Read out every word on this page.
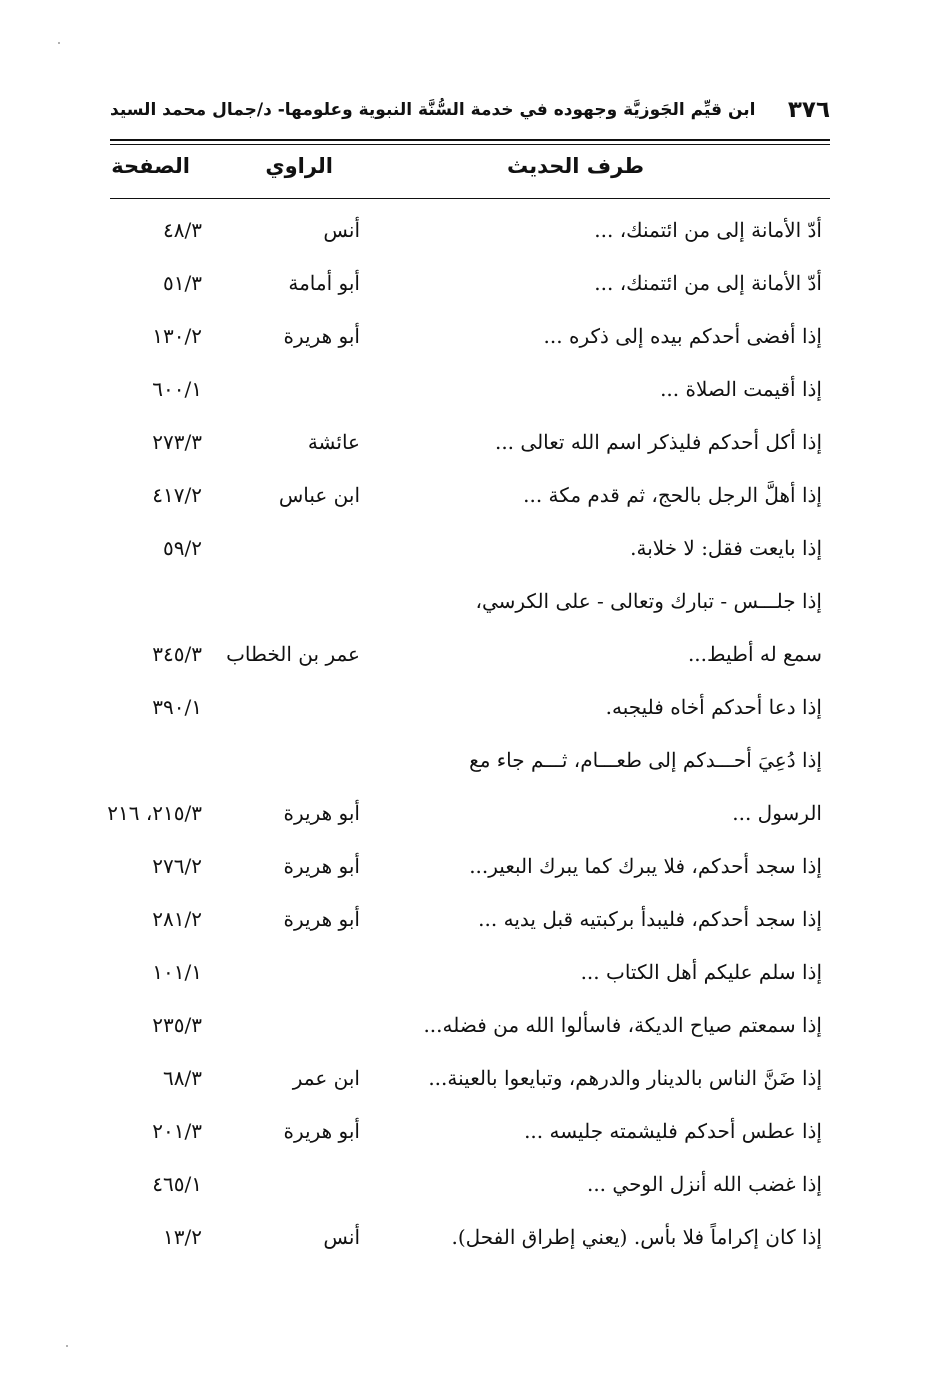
٣٧٦
ابن قيِّم الجَوزيَّة وجهوده في خدمة السُّنَّة النبوية وعلومها- د/جمال محمد السيد
طرف الحديث
الراوي
الصفحة
أدّ الأمانة إلى من ائتمنك، ...
أنس
٤٨/٣
أدّ الأمانة إلى من ائتمنك، ...
أبو أمامة
٥١/٣
إذا أفضى أحدكم بيده إلى ذكره ...
أبو هريرة
١٣٠/٢
إذا أقيمت الصلاة ...
٦٠٠/١
إذا أكل أحدكم فليذكر اسم الله تعالى ...
عائشة
٢٧٣/٣
إذا أهلَّ الرجل بالحج، ثم قدم مكة ...
ابن عباس
٤١٧/٢
إذا بايعت فقل: لا خلابة.
٥٩/٢
إذا جلـــس - تبارك وتعالى - على الكرسي،
سمع له أطيط...
عمر بن الخطاب
٣٤٥/٣
إذا دعا أحدكم أخاه فليجبه.
٣٩٠/١
إذا دُعِيَ أحـــدكم إلى طعـــام، ثـــم جاء مع
الرسول ...
أبو هريرة
٢١٥/٣، ٢١٦
إذا سجد أحدكم، فلا يبرك كما يبرك البعير...
أبو هريرة
٢٧٦/٢
إذا سجد أحدكم، فليبدأ بركبتيه قبل يديه ...
أبو هريرة
٢٨١/٢
إذا سلم عليكم أهل الكتاب ...
١٠١/١
إذا سمعتم صياح الديكة، فاسألوا الله من فضله...
٢٣٥/٣
إذا ضَنَّ الناس بالدينار والدرهم، وتبايعوا بالعينة...
ابن عمر
٦٨/٣
إذا عطس أحدكم فليشمته جليسه ...
أبو هريرة
٢٠١/٣
إذا غضب الله أنزل الوحي ...
٤٦٥/١
إذا كان إكراماً فلا بأس. (يعني إطراق الفحل).
أنس
١٣/٢
